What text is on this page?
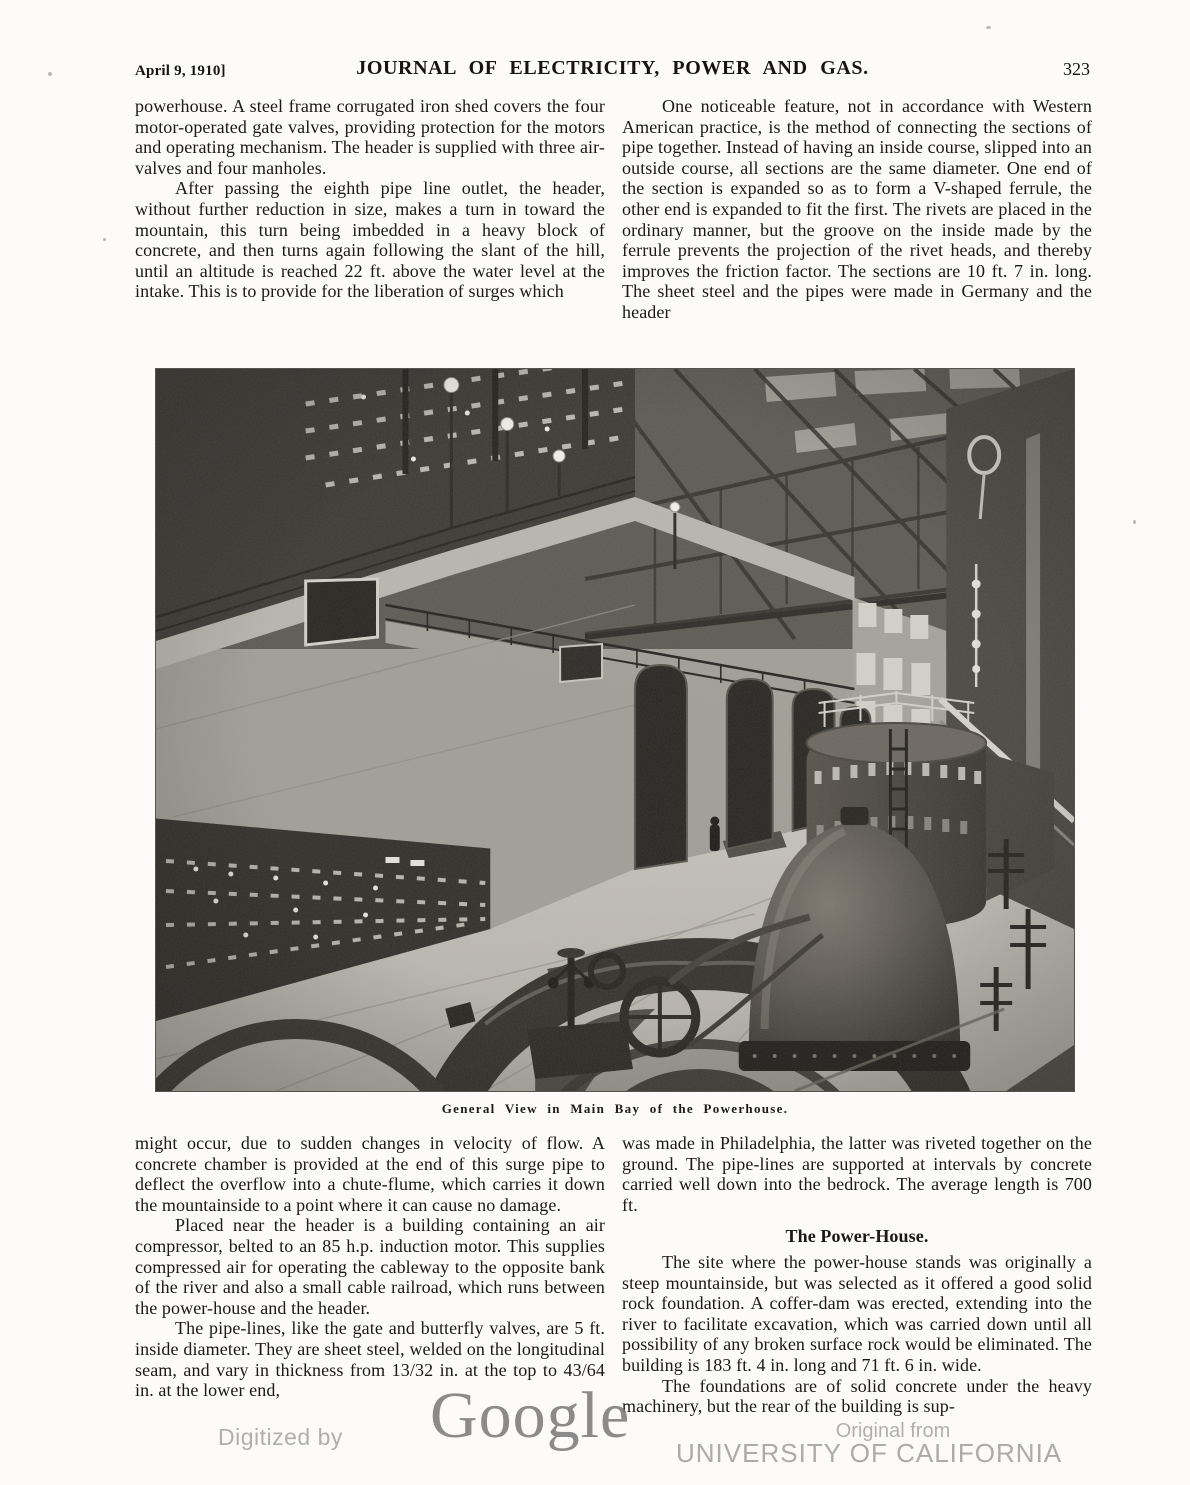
April 9, 1910]	JOURNAL OF ELECTRICITY, POWER AND GAS.	323

powerhouse. A steel frame corrugated iron shed covers the four motor-operated gate valves, providing protection for the motors and operating mechanism. The header is supplied with three air-valves and four manholes.

After passing the eighth pipe line outlet, the header, without further reduction in size, makes a turn in toward the mountain, this turn being imbedded in a heavy block of concrete, and then turns again following the slant of the hill, until an altitude is reached 22 ft. above the water level at the intake. This is to provide for the liberation of surges which

One noticeable feature, not in accordance with Western American practice, is the method of connecting the sections of pipe together. Instead of having an inside course, slipped into an outside course, all sections are the same diameter. One end of the section is expanded so as to form a V-shaped ferrule, the other end is expanded to fit the first. The rivets are placed in the ordinary manner, but the groove on the inside made by the ferrule prevents the projection of the rivet heads, and thereby improves the friction factor. The sections are 10 ft. 7 in. long. The sheet steel and the pipes were made in Germany and the header

General View in Main Bay of the Powerhouse.

might occur, due to sudden changes in velocity of flow. A concrete chamber is provided at the end of this surge pipe to deflect the overflow into a chute-flume, which carries it down the mountainside to a point where it can cause no damage.

Placed near the header is a building containing an air compressor, belted to an 85 h.p. induction motor. This supplies compressed air for operating the cableway to the opposite bank of the river and also a small cable railroad, which runs between the power-house and the header.

The pipe-lines, like the gate and butterfly valves, are 5 ft. inside diameter. They are sheet steel, welded on the longitudinal seam, and vary in thickness from 13/32 in. at the top to 43/64 in. at the lower end,

was made in Philadelphia, the latter was riveted together on the ground. The pipe-lines are supported at intervals by concrete carried well down into the bedrock. The average length is 700 ft.

The Power-House.

The site where the power-house stands was originally a steep mountainside, but was selected as it offered a good solid rock foundation. A coffer-dam was erected, extending into the river to facilitate excavation, which was carried down until all possibility of any broken surface rock would be eliminated. The building is 183 ft. 4 in. long and 71 ft. 6 in. wide.

The foundations are of solid concrete under the heavy machinery, but the rear of the building is sup-

Digitized by Google	Original from
UNIVERSITY OF CALIFORNIA
